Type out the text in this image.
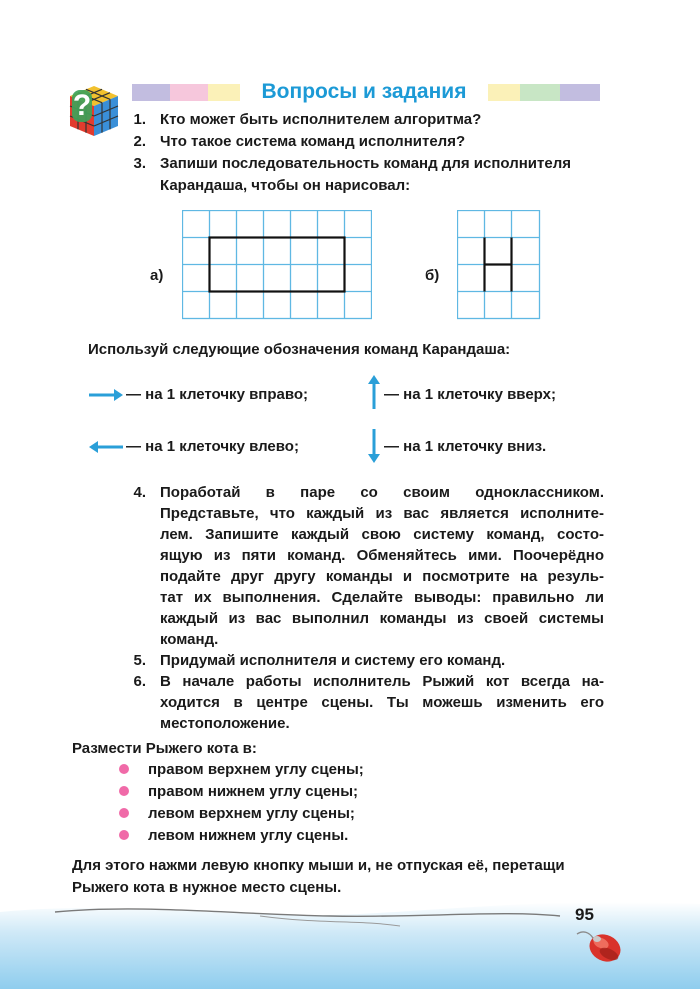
?	Вопросы и задания
1. Кто может быть исполнителем алгоритма?
2. Что такое система команд исполнителя?
3. Запиши последовательность команд для исполнителя
Карандаша, чтобы он нарисовал:
а)	б)
Используй следующие обозначения команд Карандаша:
— на 1 клеточку вправо;	— на 1 клеточку вверх;
— на 1 клеточку влево;	— на 1 клеточку вниз.
4. Поработай в паре со своим одноклассником.
Представьте, что каждый из вас является исполните-
лем. Запишите каждый свою систему команд, состо-
ящую из пяти команд. Обменяйтесь ими. Поочерёдно
подайте друг другу команды и посмотрите на резуль-
тат их выполнения. Сделайте выводы: правильно ли
каждый из вас выполнил команды из своей системы
команд.
5. Придумай исполнителя и систему его команд.
6. В начале работы исполнитель Рыжий кот всегда на-
ходится в центре сцены. Ты можешь изменить его
местоположение.
Размести Рыжего кота в:
правом верхнем углу сцены;
правом нижнем углу сцены;
левом верхнем углу сцены;
левом нижнем углу сцены.
Для этого нажми левую кнопку мыши и, не отпуская её, перетащи
Рыжего кота в нужное место сцены.
95
